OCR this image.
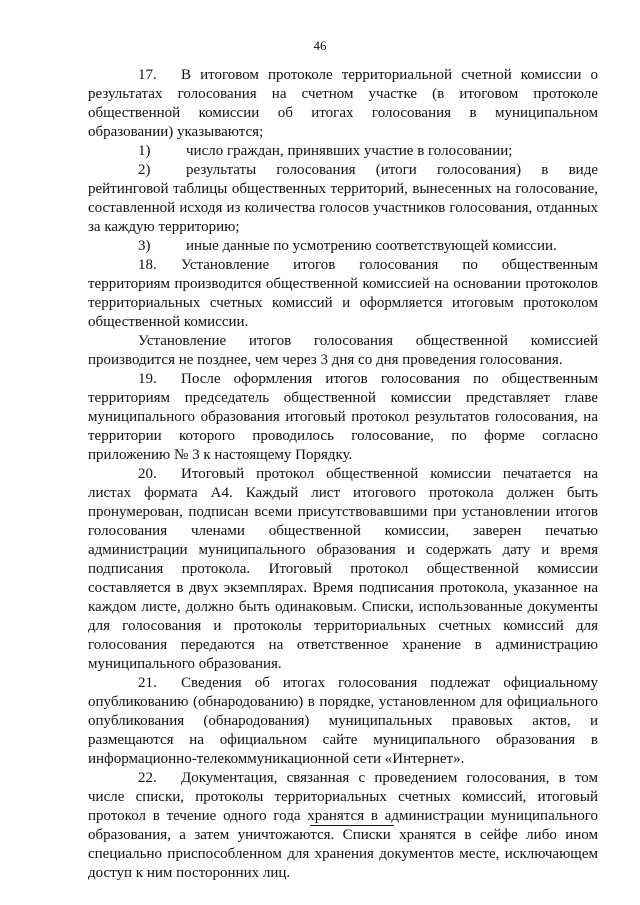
46

17. В итоговом протоколе территориальной счетной комиссии о результатах голосования на счетном участке (в итоговом протоколе общественной комиссии об итогах голосования в муниципальном образовании) указываются;

1) число граждан, принявших участие в голосовании;

2) результаты голосования (итоги голосования) в виде рейтинговой таблицы общественных территорий, вынесенных на голосование, составленной исходя из количества голосов участников голосования, отданных за каждую территорию;

3) иные данные по усмотрению соответствующей комиссии.

18. Установление итогов голосования по общественным территориям производится общественной комиссией на основании протоколов территориальных счетных комиссий и оформляется итоговым протоколом общественной комиссии.

Установление итогов голосования общественной комиссией производится не позднее, чем через 3 дня со дня проведения голосования.

19. После оформления итогов голосования по общественным территориям председатель общественной комиссии представляет главе муниципального образования итоговый протокол результатов голосования, на территории которого проводилось голосование, по форме согласно приложению № 3 к настоящему Порядку.

20. Итоговый протокол общественной комиссии печатается на листах формата А4. Каждый лист итогового протокола должен быть пронумерован, подписан всеми присутствовавшими при установлении итогов голосования членами общественной комиссии, заверен печатью администрации муниципального образования и содержать дату и время подписания протокола. Итоговый протокол общественной комиссии составляется в двух экземплярах. Время подписания протокола, указанное на каждом листе, должно быть одинаковым. Списки, использованные документы для голосования и протоколы территориальных счетных комиссий для голосования передаются на ответственное хранение в администрацию муниципального образования.

21. Сведения об итогах голосования подлежат официальному опубликованию (обнародованию) в порядке, установленном для официального опубликования (обнародования) муниципальных правовых актов, и размещаются на официальном сайте муниципального образования в информационно-телекоммуникационной сети «Интернет».

22. Документация, связанная с проведением голосования, в том числе списки, протоколы территориальных счетных комиссий, итоговый протокол в течение одного года хранятся в администрации муниципального образования, а затем уничтожаются. Списки хранятся в сейфе либо ином специально приспособленном для хранения документов месте, исключающем доступ к ним посторонних лиц.
